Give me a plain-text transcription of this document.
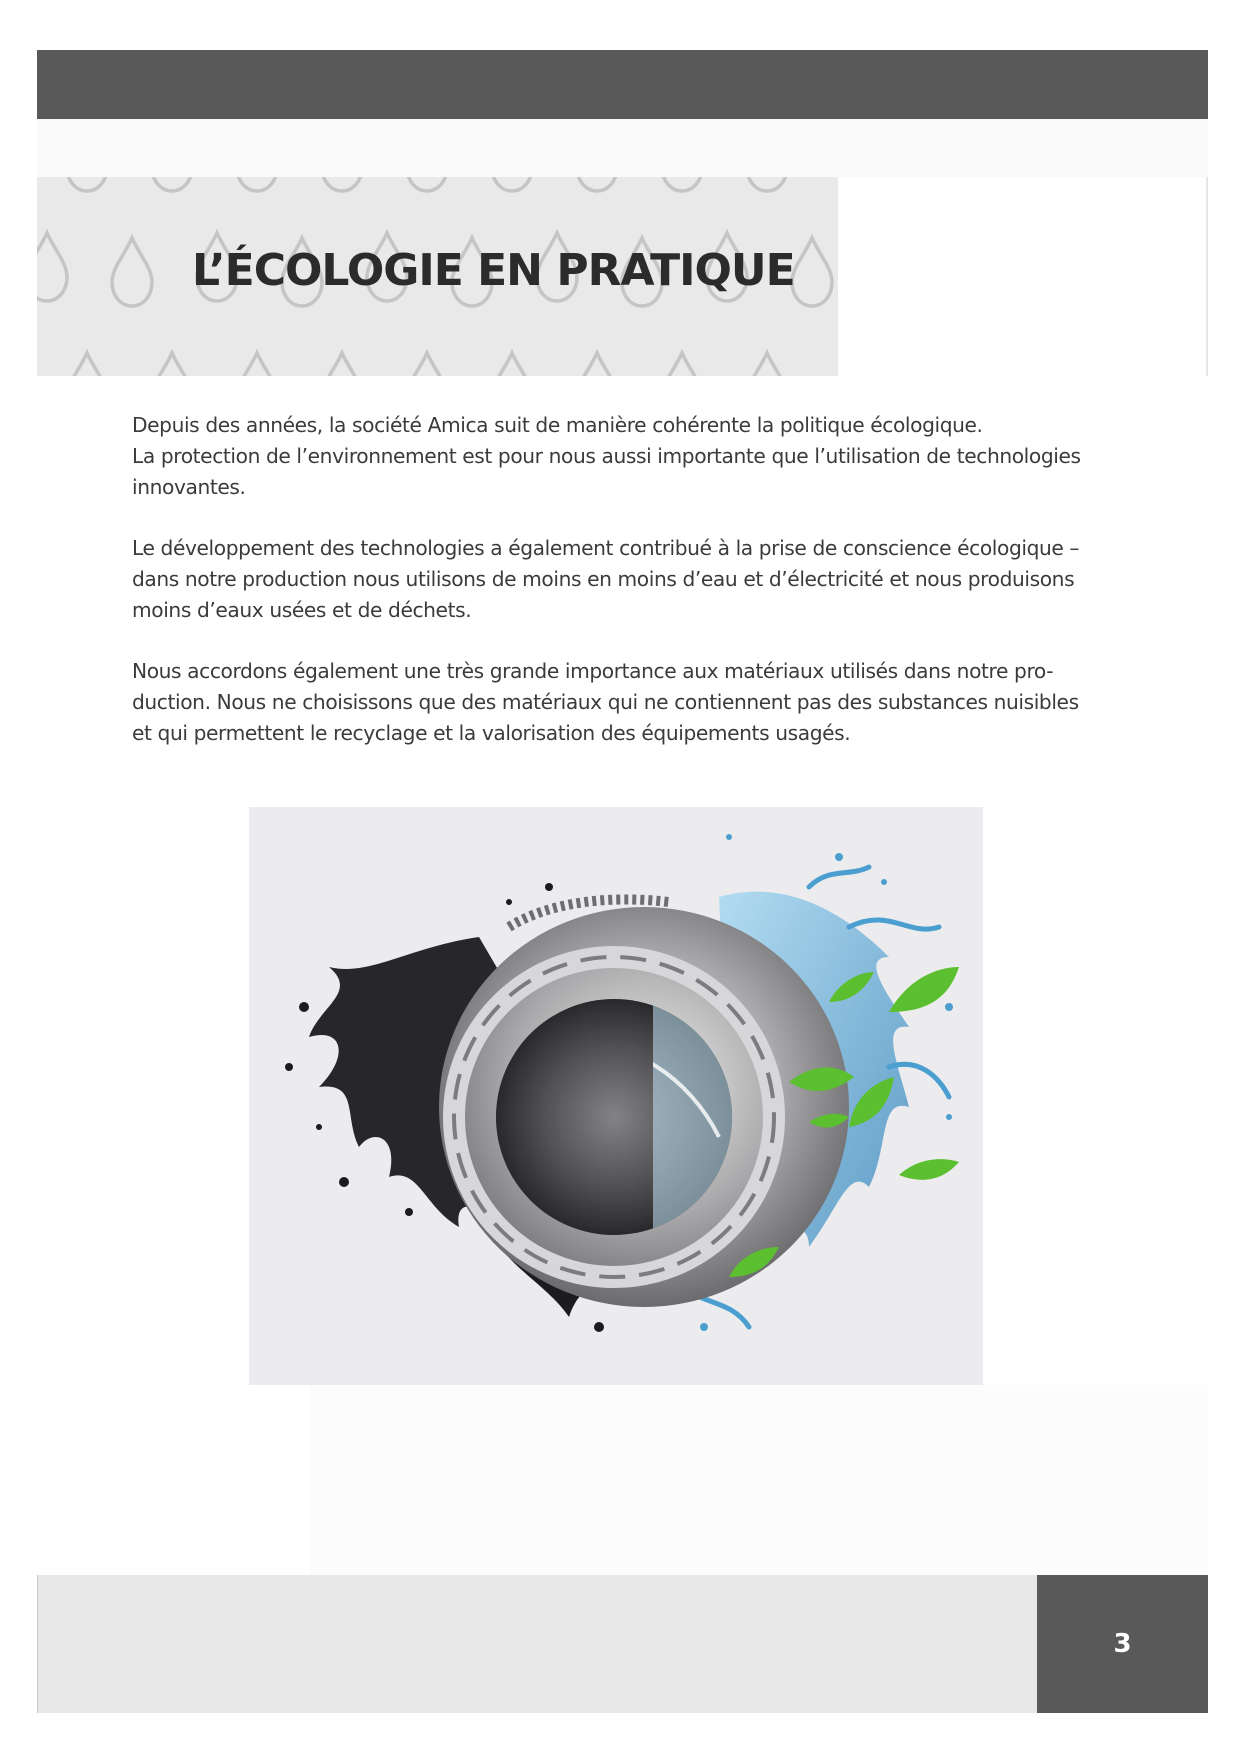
L’ÉCOLOGIE EN PRATIQUE

Depuis des années, la société Amica suit de manière cohérente la politique écologique.
La protection de l’environnement est pour nous aussi importante que l’utilisation de technologies
innovantes.

Le développement des technologies a également contribué à la prise de conscience écologique –
dans notre production nous utilisons de moins en moins d’eau et d’électricité et nous produisons
moins d’eaux usées et de déchets.

Nous accordons également une très grande importance aux matériaux utilisés dans notre pro-
duction. Nous ne choisissons que des matériaux qui ne contiennent pas des substances nuisibles
et qui permettent le recyclage et la valorisation des équipements usagés.

3
